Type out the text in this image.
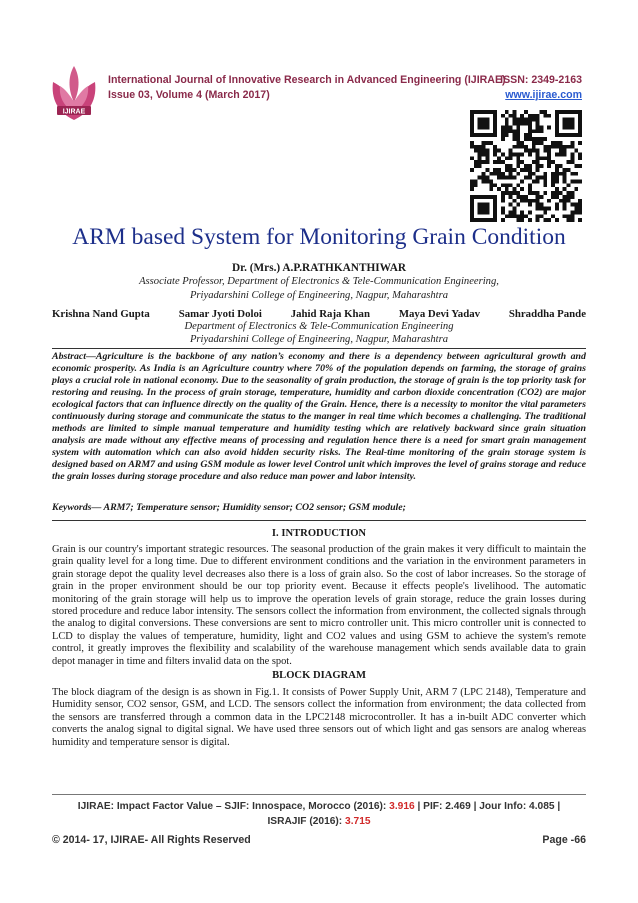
IJIRAE
International Journal of Innovative Research in Advanced Engineering (IJIRAE)
Issue 03, Volume 4 (March 2017)
ISSN: 2349-2163
www.ijirae.com
ARM based System for Monitoring Grain Condition
Dr. (Mrs.) A.P.RATHKANTHIWAR
Associate Professor, Department of Electronics & Tele-Communication Engineering,
Priyadarshini College of Engineering, Nagpur, Maharashtra
Krishna Nand Gupta	Samar Jyoti Doloi	Jahid Raja Khan	Maya Devi Yadav	Shraddha Pande
Department of Electronics & Tele-Communication Engineering
Priyadarshini College of Engineering, Nagpur, Maharashtra
Abstract—Agriculture is the backbone of any nation’s economy and there is a dependency between agricultural growth and economic prosperity. As India is an Agriculture country where 70% of the population depends on farming, the storage of grains plays a crucial role in national economy. Due to the seasonality of grain production, the storage of grain is the top priority task for restoring and reusing. In the process of grain storage, temperature, humidity and carbon dioxide concentration (CO2) are major ecological factors that can influence directly on the quality of the Grain. Hence, there is a necessity to monitor the vital parameters continuously during storage and communicate the status to the manger in real time which becomes a challenging. The traditional methods are limited to simple manual temperature and humidity testing which are relatively backward since grain situation analysis are made without any effective means of processing and regulation hence there is a need for smart grain management system with automation which can also avoid hidden security risks. The Real-time monitoring of the grain storage system is designed based on ARM7 and using GSM module as lower level Control unit which improves the level of grains storage and reduce the grain losses during storage procedure and also reduce man power and labor intensity.
Keywords— ARM7; Temperature sensor; Humidity sensor; CO2 sensor; GSM module;
I. INTRODUCTION
Grain is our country's important strategic resources. The seasonal production of the grain makes it very difficult to maintain the grain quality level for a long time. Due to different environment conditions and the variation in the environment parameters in grain storage depot the quality level decreases also there is a loss of grain also. So the cost of labor increases. So the storage of grain in the proper environment should be our top priority event. Because it effects people's livelihood. The automatic monitoring of the grain storage will help us to improve the operation levels of grain storage, reduce the grain losses during stored procedure and reduce labor intensity. The sensors collect the information from environment, the collected signals through the analog to digital conversions. These conversions are sent to micro controller unit. This micro controller unit is connected to LCD to display the values of temperature, humidity, light and CO2 values and using GSM to achieve the system's remote control, it greatly improves the flexibility and scalability of the warehouse management which sends available data to grain depot manager in time and filters invalid data on the spot.
BLOCK DIAGRAM
The block diagram of the design is as shown in Fig.1. It consists of Power Supply Unit, ARM 7 (LPC 2148), Temperature and Humidity sensor, CO2 sensor, GSM, and LCD. The sensors collect the information from environment; the data collected from the sensors are transferred through a common data in the LPC2148 microcontroller. It has a in-built ADC converter which converts the analog signal to digital signal. We have used three sensors out of which light and gas sensors are analog whereas humidity and temperature sensor is digital.
IJIRAE: Impact Factor Value – SJIF: Innospace, Morocco (2016): 3.916 | PIF: 2.469 | Jour Info: 4.085 |
ISRAJIF (2016): 3.715
© 2014- 17, IJIRAE- All Rights Reserved	Page -66
